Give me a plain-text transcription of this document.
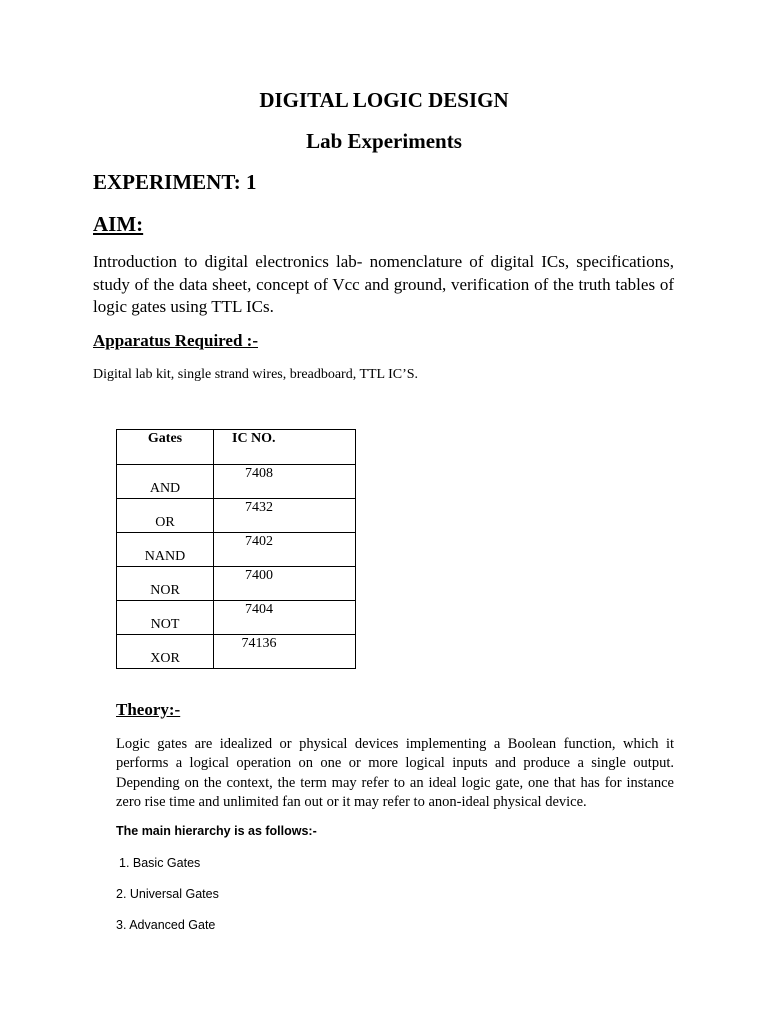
DIGITAL LOGIC DESIGN
Lab Experiments
EXPERIMENT: 1
AIM:

Introduction to digital electronics lab- nomenclature of digital ICs, specifications, study of the data sheet, concept of Vcc and ground, verification of the truth tables of logic gates using TTL ICs.

Apparatus Required :-

Digital lab kit, single strand wires, breadboard, TTL IC’S.

Gates	IC NO.

AND	7408

OR	7432

NAND	7402

NOR	7400

NOT	7404

XOR	74136
Theory:-

Logic gates are idealized or physical devices implementing a Boolean function, which it performs a logical operation on one or more logical inputs and produce a single output. Depending on the context, the term may refer to an ideal logic gate, one that has for instance zero rise time and unlimited fan out or it may refer to anon-ideal physical device.

The main hierarchy is as follows:-

1. Basic Gates

2. Universal Gates

3. Advanced Gate
